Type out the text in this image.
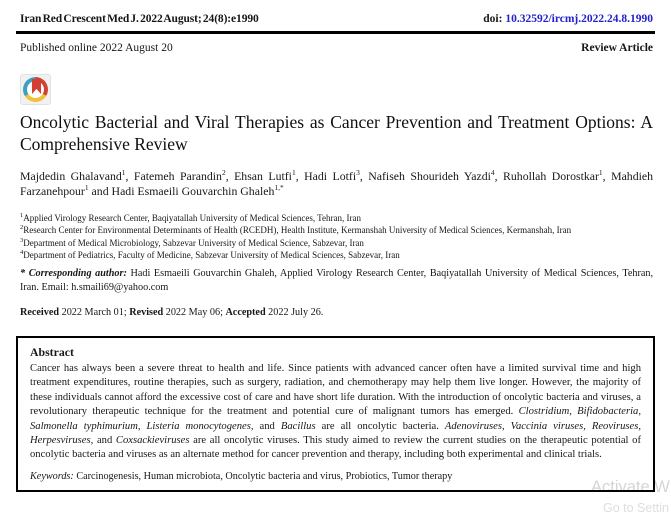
Iran Red Crescent Med J. 2022 August; 24(8):e1990	doi: 10.32592/ircmj.2022.24.8.1990
Published online 2022 August 20	Review Article
Oncolytic Bacterial and Viral Therapies as Cancer Prevention and Treatment Options: A Comprehensive Review

Majdedin Ghalavand$^1$, Fatemeh Parandin$^2$, Ehsan Lutfi$^1$, Hadi Lotfi$^3$, Nafiseh Shourideh Yazdi$^4$, Ruhollah Dorostkar$^1$, Mahdieh Farzanehpour$^1$ and Hadi Esmaeili Gouvarchin Ghaleh$^{1,*}$

$^1$Applied Virology Research Center, Baqiyatallah University of Medical Sciences, Tehran, Iran
$^2$Research Center for Environmental Determinants of Health (RCEDH), Health Institute, Kermanshah University of Medical Sciences, Kermanshah, Iran
$^3$Department of Medical Microbiology, Sabzevar University of Medical Science, Sabzevar, Iran
$^4$Department of Pediatrics, Faculty of Medicine, Sabzevar University of Medical Sciences, Sabzevar, Iran

* Corresponding author: Hadi Esmaeili Gouvarchin Ghaleh, Applied Virology Research Center, Baqiyatallah University of Medical Sciences, Tehran, Iran. Email: h.smaili69@yahoo.com

Received 2022 March 01; Revised 2022 May 06; Accepted 2022 July 26.

Activate W
Go to Settin
Abstract

Cancer has always been a severe threat to health and life. Since patients with advanced cancer often have a limited survival time and high treatment expenditures, routine therapies, such as surgery, radiation, and chemotherapy may help them live longer. However, the majority of these individuals cannot afford the excessive cost of care and have short life duration. With the introduction of oncolytic bacteria and viruses, a revolutionary therapeutic technique for the treatment and potential cure of malignant tumors has emerged. Clostridium, Bifidobacteria, Salmonella typhimurium, Listeria monocytogenes, and Bacillus are all oncolytic bacteria. Adenoviruses, Vaccinia viruses, Reoviruses, Herpesviruses, and Coxsackieviruses are all oncolytic viruses. This study aimed to review the current studies on the therapeutic potential of oncolytic bacteria and viruses as an alternate method for cancer prevention and therapy, including both experimental and clinical trials.

Keywords: Carcinogenesis, Human microbiota, Oncolytic bacteria and virus, Probiotics, Tumor therapy
